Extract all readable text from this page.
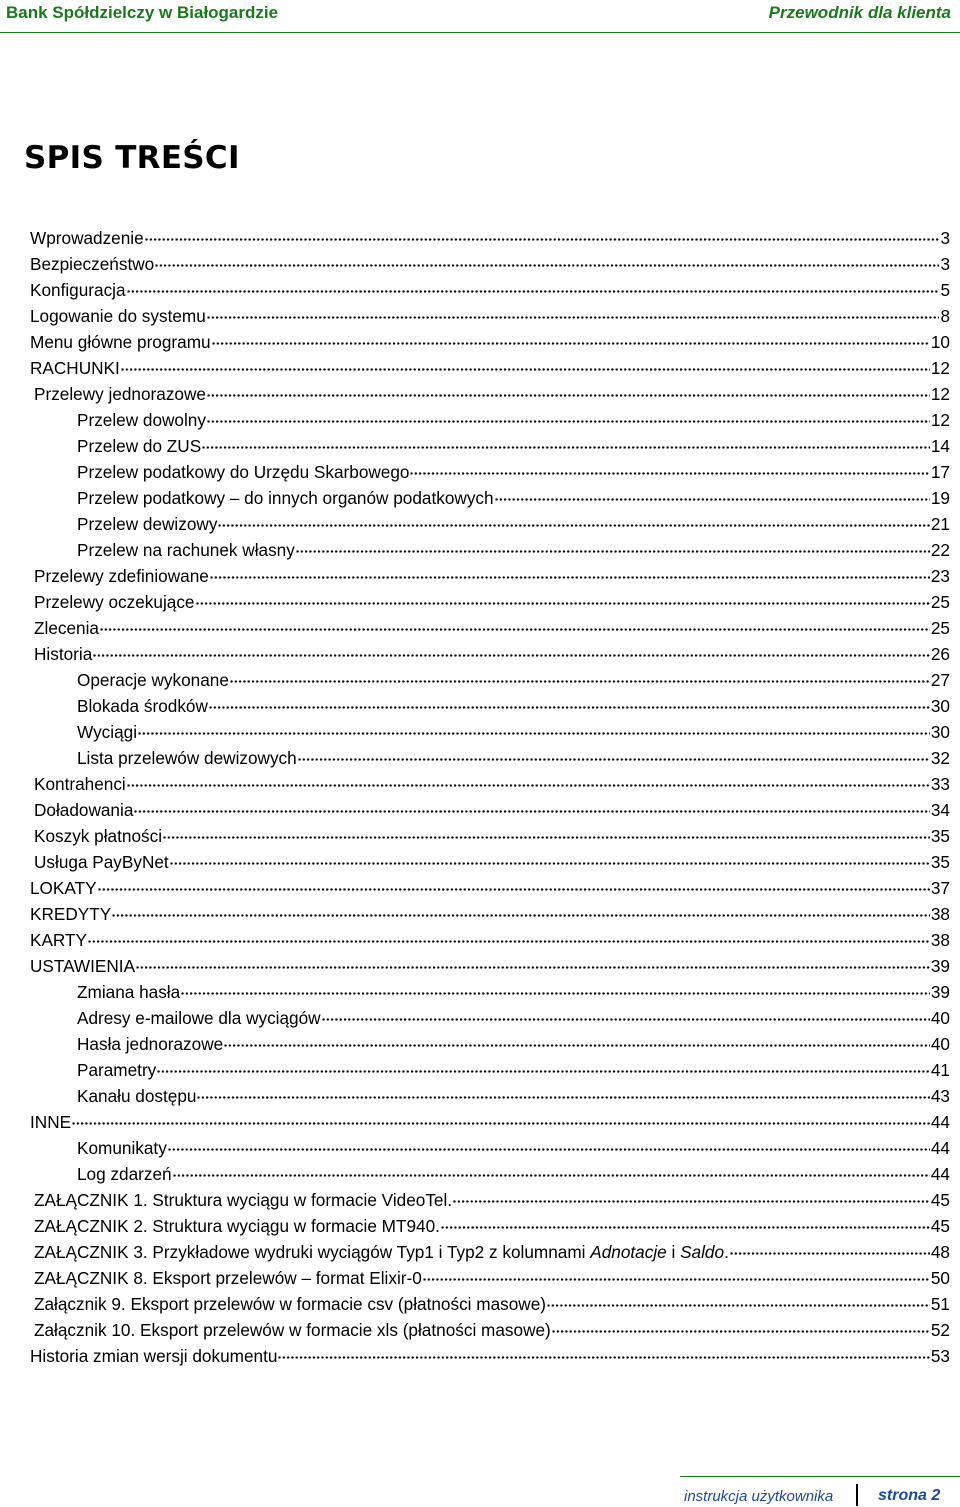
Bank Spółdzielczy w Białogardzie	Przewodnik dla klienta
SPIS TREŚCI
Wprowadzenie	3
Bezpieczeństwo	3
Konfiguracja	5
Logowanie do systemu	8
Menu główne programu	10
RACHUNKI	12
Przelewy jednorazowe	12
Przelew dowolny	12
Przelew do ZUS	14
Przelew podatkowy do Urzędu Skarbowego	17
Przelew podatkowy – do innych organów podatkowych	19
Przelew dewizowy	21
Przelew na rachunek własny	22
Przelewy zdefiniowane	23
Przelewy oczekujące	25
Zlecenia	25
Historia	26
Operacje wykonane	27
Blokada środków	30
Wyciągi	30
Lista przelewów dewizowych	32
Kontrahenci	33
Doładowania	34
Koszyk płatności	35
Usługa PayByNet	35
LOKATY	37
KREDYTY	38
KARTY	38
USTAWIENIA	39
Zmiana hasła	39
Adresy e-mailowe dla wyciągów	40
Hasła jednorazowe	40
Parametry	41
Kanału dostępu	43
INNE	44
Komunikaty	44
Log zdarzeń	44
ZAŁĄCZNIK 1. Struktura wyciągu w formacie VideoTel.	45
ZAŁĄCZNIK 2. Struktura wyciągu w formacie MT940.	45
ZAŁĄCZNIK 3. Przykładowe wydruki wyciągów Typ1 i Typ2 z kolumnami Adnotacje i Saldo.	48
ZAŁĄCZNIK 8. Eksport przelewów – format Elixir-0	50
Załącznik 9. Eksport przelewów w formacie csv (płatności masowe)	51
Załącznik 10. Eksport przelewów w formacie xls (płatności masowe)	52
Historia zmian wersji dokumentu	53
instrukcja użytkownika	strona 2
